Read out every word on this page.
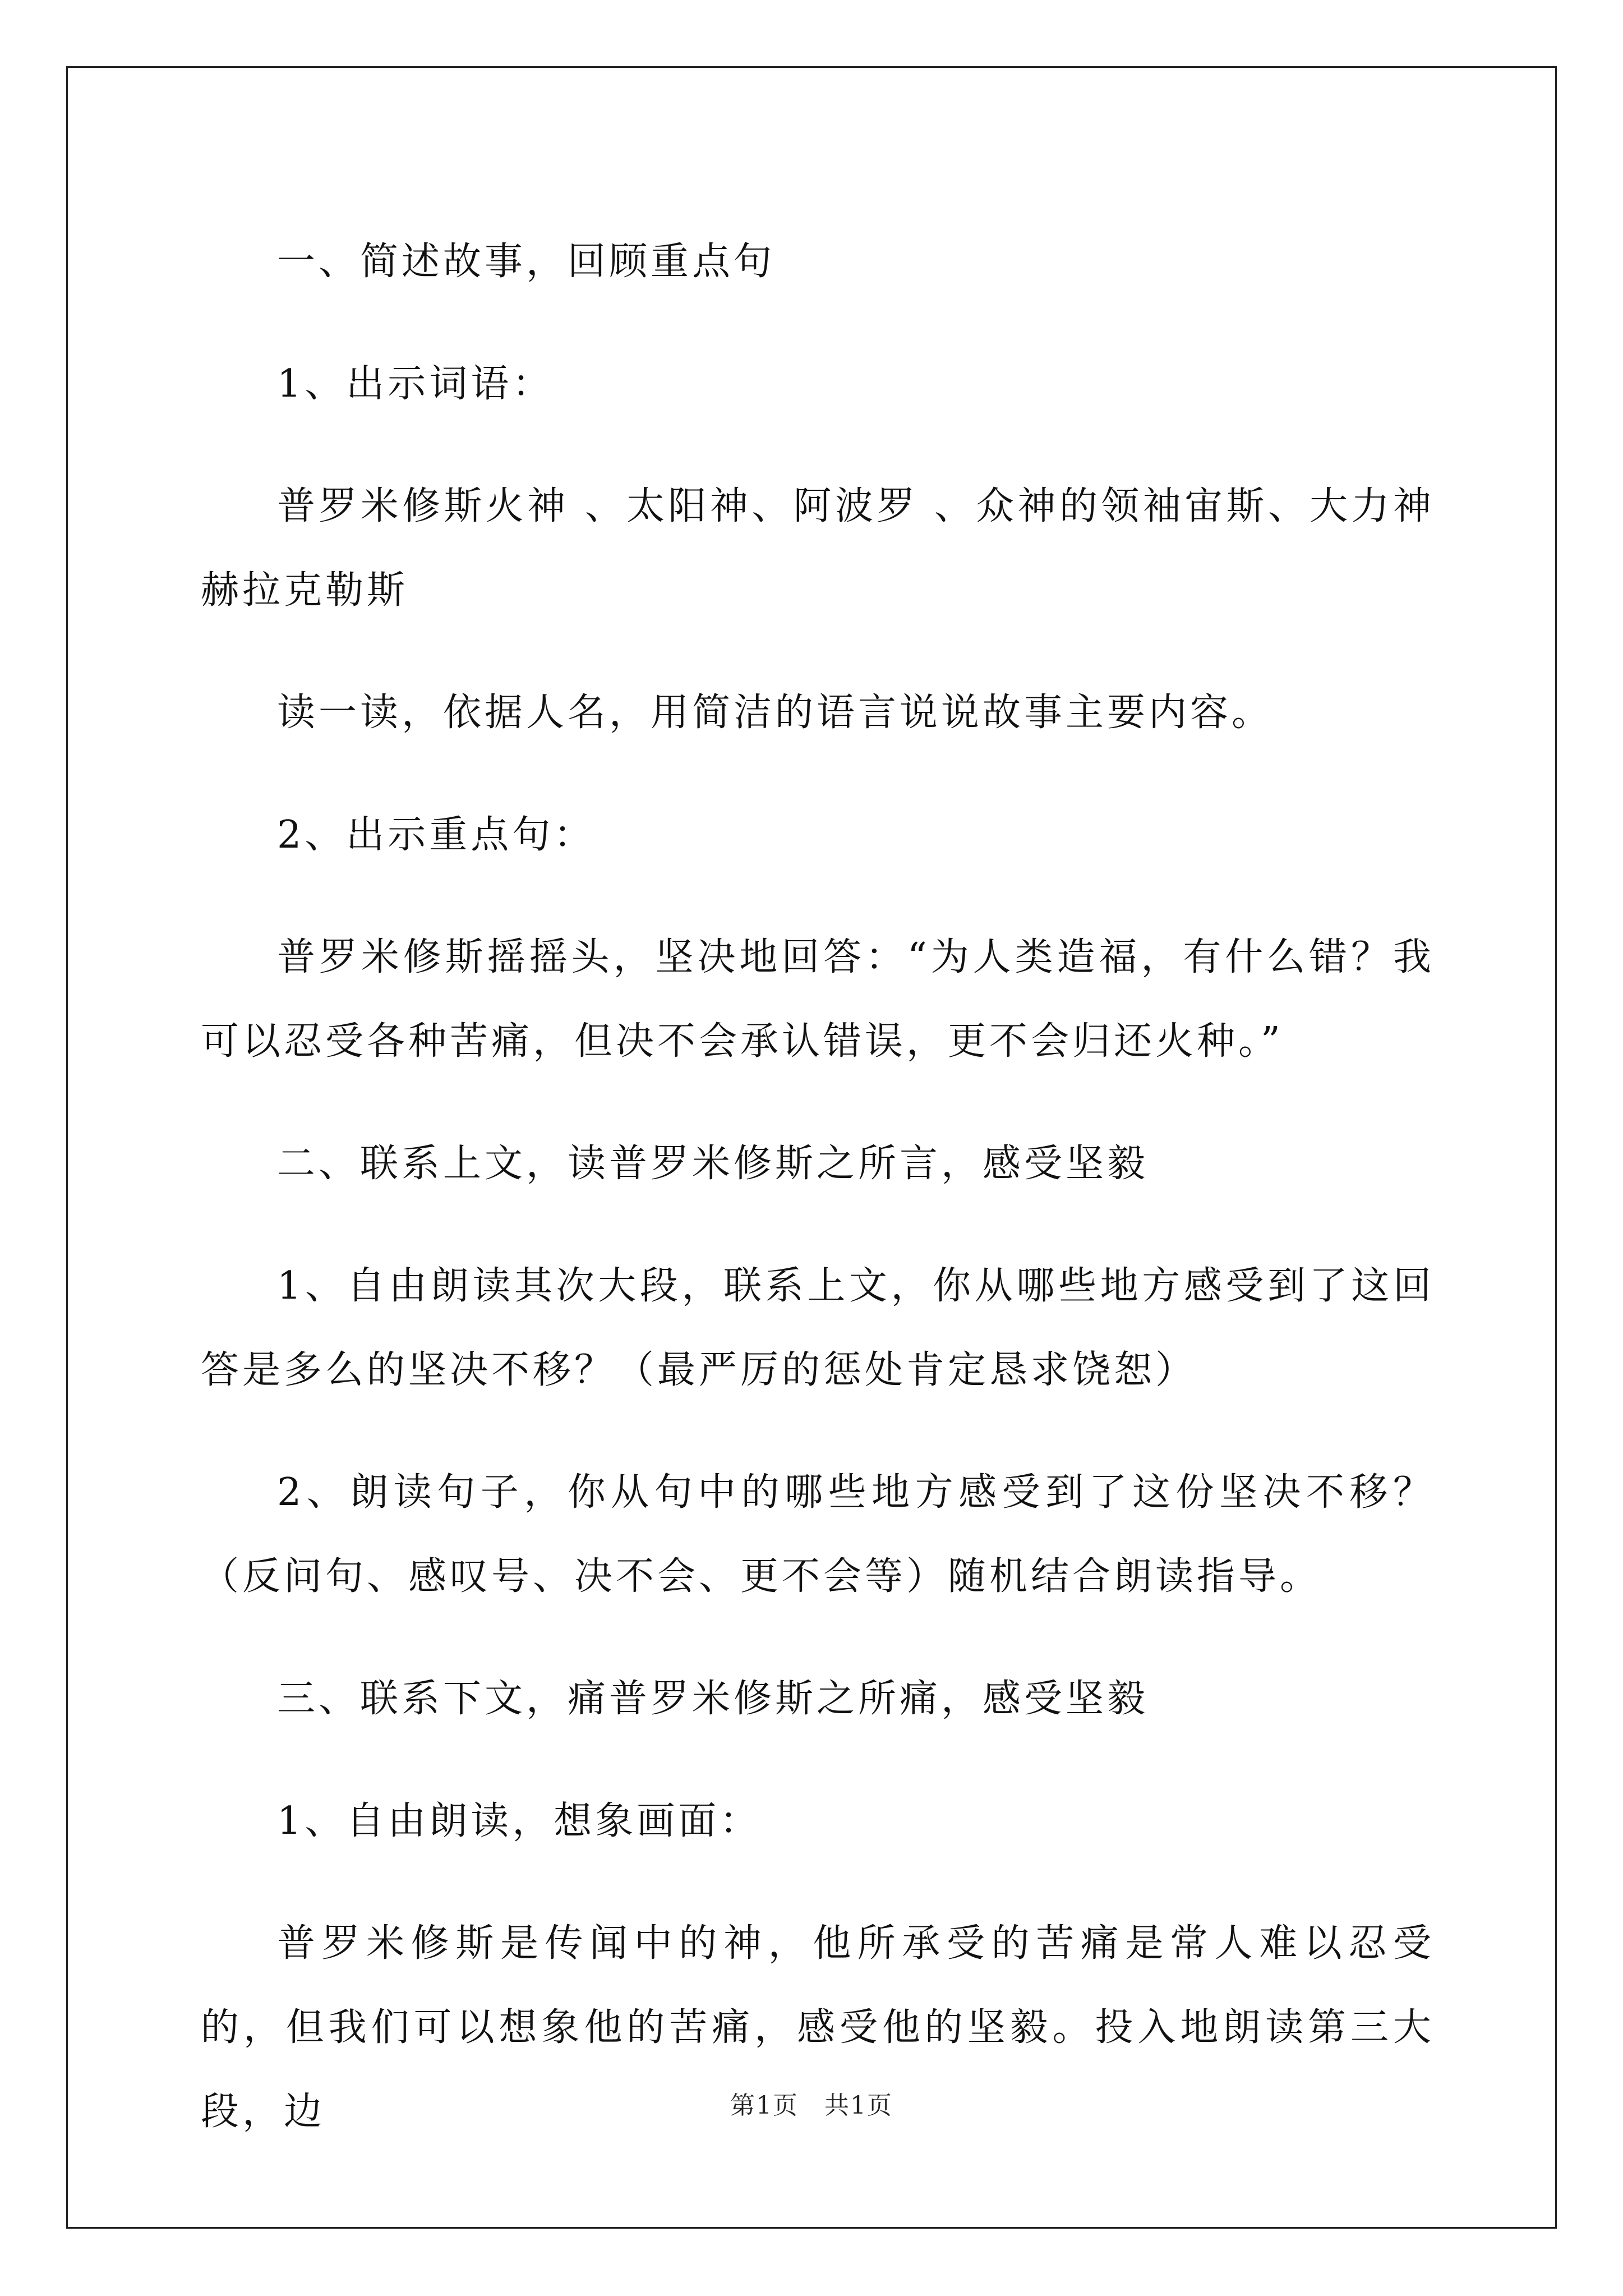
一、简述故事，回顾重点句

1、出示词语：

普罗米修斯火神 、太阳神、阿波罗 、众神的领袖宙斯、大力神赫拉克勒斯

读一读，依据人名，用简洁的语言说说故事主要内容。

2、出示重点句：

普罗米修斯摇摇头，坚决地回答：“为人类造福，有什么错？我可以忍受各种苦痛，但决不会承认错误，更不会归还火种。”

二、联系上文，读普罗米修斯之所言，感受坚毅

1、自由朗读其次大段，联系上文，你从哪些地方感受到了这回答是多么的坚决不移？（最严厉的惩处肯定恳求饶恕）

2、朗读句子，你从句中的哪些地方感受到了这份坚决不移？（反问句、感叹号、决不会、更不会等）随机结合朗读指导。

三、联系下文，痛普罗米修斯之所痛，感受坚毅

1、自由朗读，想象画面：

普罗米修斯是传闻中的神，他所承受的苦痛是常人难以忍受的，但我们可以想象他的苦痛，感受他的坚毅。投入地朗读第三大段，边	第1页　共1页
